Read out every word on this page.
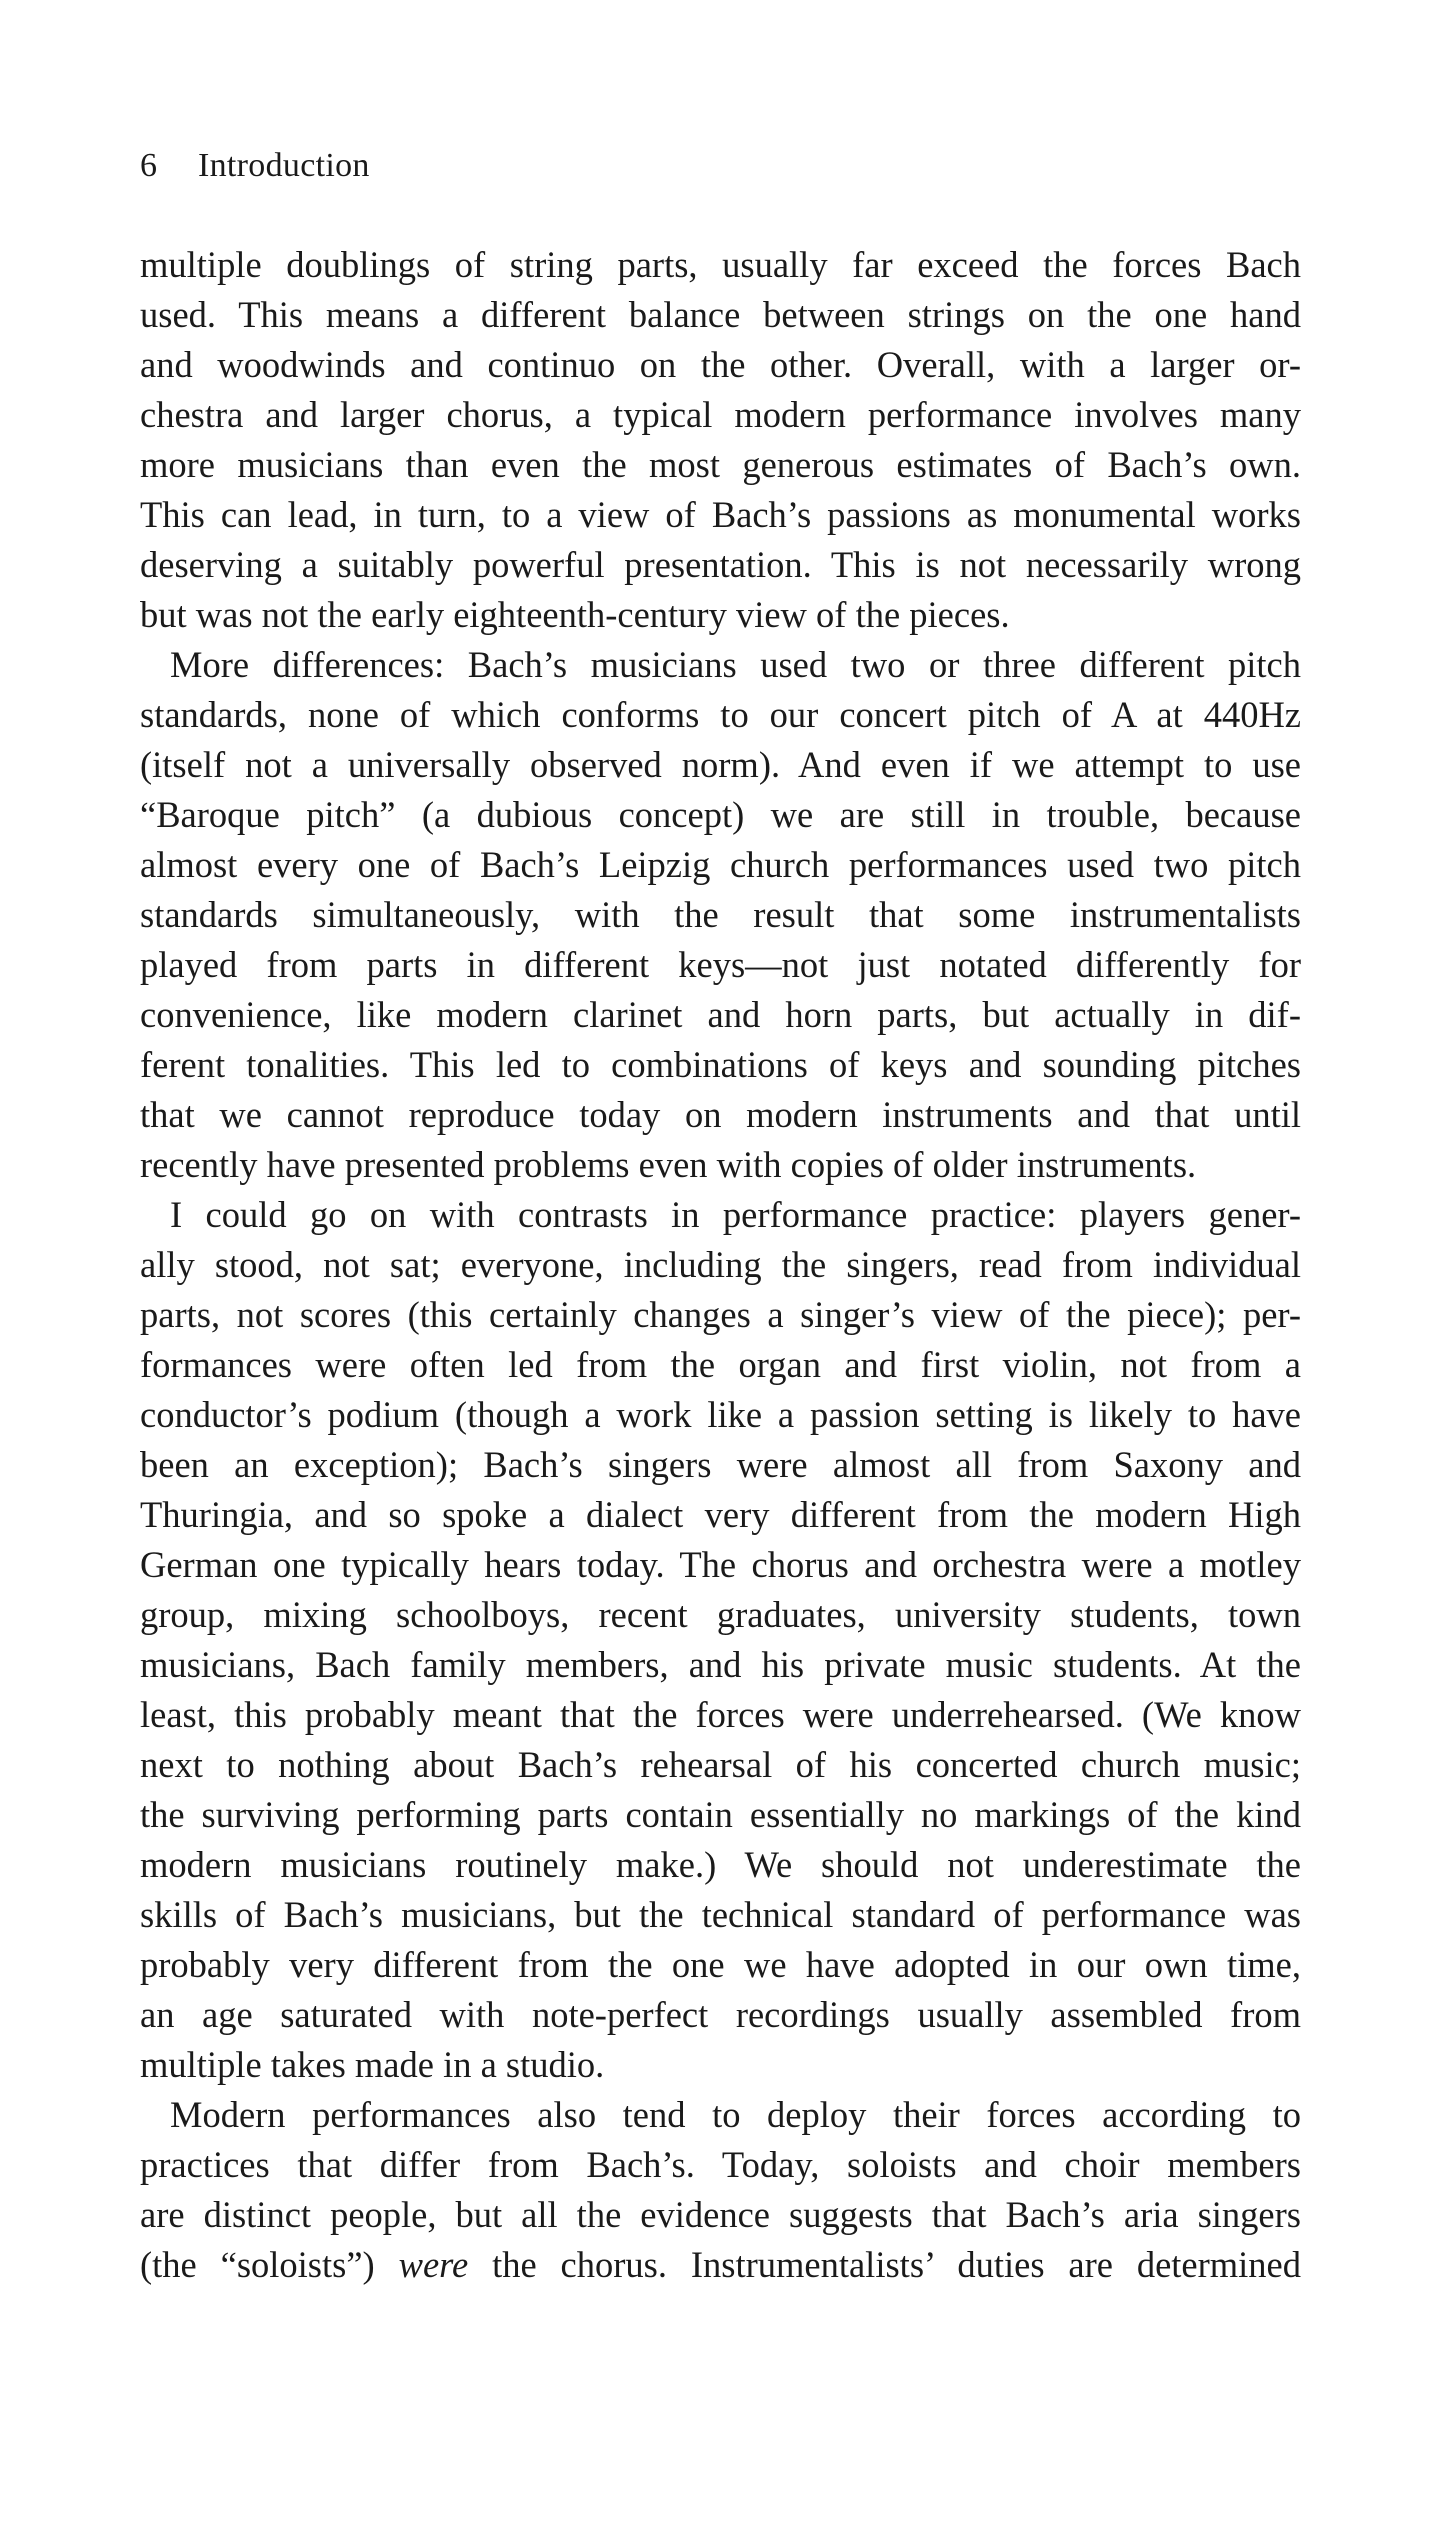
6 Introduction
multiple doublings of string parts, usually far exceed the forces Bach
used. This means a different balance between strings on the one hand
and woodwinds and continuo on the other. Overall, with a larger or-
chestra and larger chorus, a typical modern performance involves many
more musicians than even the most generous estimates of Bach’s own.
This can lead, in turn, to a view of Bach’s passions as monumental works
deserving a suitably powerful presentation. This is not necessarily wrong
but was not the early eighteenth-century view of the pieces.
More differences: Bach’s musicians used two or three different pitch
standards, none of which conforms to our concert pitch of A at 440Hz
(itself not a universally observed norm). And even if we attempt to use
“Baroque pitch” (a dubious concept) we are still in trouble, because
almost every one of Bach’s Leipzig church performances used two pitch
standards simultaneously, with the result that some instrumentalists
played from parts in different keys—not just notated differently for
convenience, like modern clarinet and horn parts, but actually in dif-
ferent tonalities. This led to combinations of keys and sounding pitches
that we cannot reproduce today on modern instruments and that until
recently have presented problems even with copies of older instruments.
I could go on with contrasts in performance practice: players gener-
ally stood, not sat; everyone, including the singers, read from individual
parts, not scores (this certainly changes a singer’s view of the piece); per-
formances were often led from the organ and first violin, not from a
conductor’s podium (though a work like a passion setting is likely to have
been an exception); Bach’s singers were almost all from Saxony and
Thuringia, and so spoke a dialect very different from the modern High
German one typically hears today. The chorus and orchestra were a motley
group, mixing schoolboys, recent graduates, university students, town
musicians, Bach family members, and his private music students. At the
least, this probably meant that the forces were underrehearsed. (We know
next to nothing about Bach’s rehearsal of his concerted church music;
the surviving performing parts contain essentially no markings of the kind
modern musicians routinely make.) We should not underestimate the
skills of Bach’s musicians, but the technical standard of performance was
probably very different from the one we have adopted in our own time,
an age saturated with note-perfect recordings usually assembled from
multiple takes made in a studio.
Modern performances also tend to deploy their forces according to
practices that differ from Bach’s. Today, soloists and choir members
are distinct people, but all the evidence suggests that Bach’s aria singers
(the “soloists”) were the chorus. Instrumentalists’ duties are determined
